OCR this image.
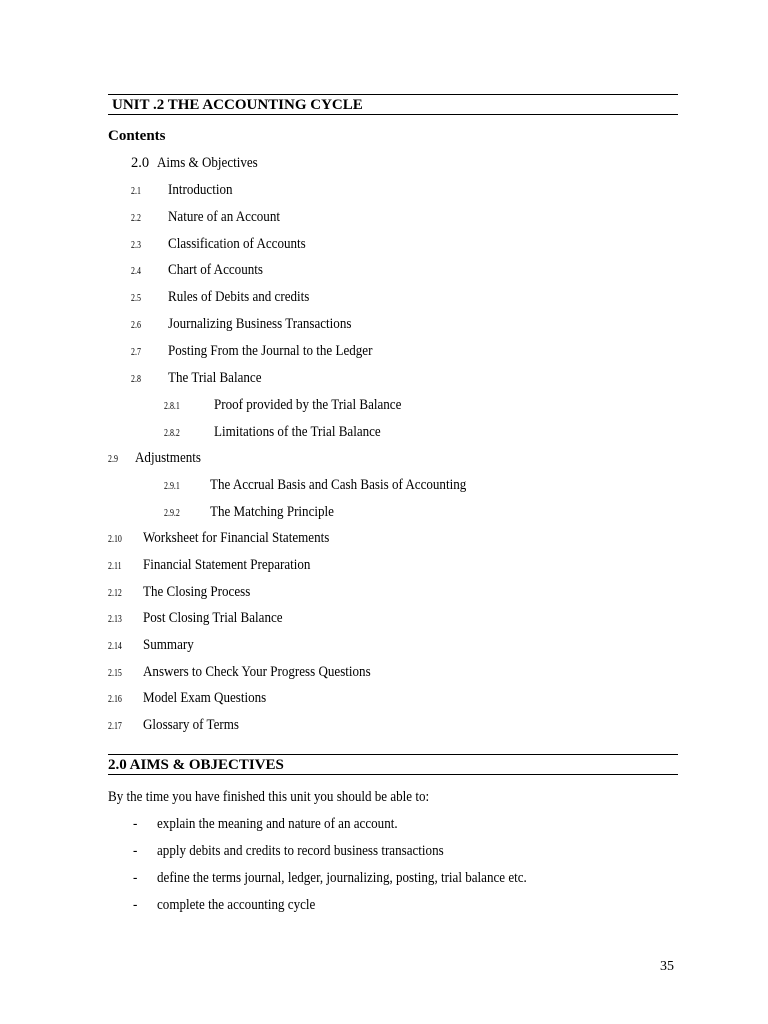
UNIT .2 THE ACCOUNTING CYCLE
Contents
2.0 Aims & Objectives
2.1 Introduction
2.2 Nature of an Account
2.3 Classification of Accounts
2.4 Chart of Accounts
2.5 Rules of Debits and credits
2.6 Journalizing Business Transactions
2.7 Posting From the Journal to the Ledger
2.8 The Trial Balance
2.8.1 Proof provided by the Trial Balance
2.8.2 Limitations of the Trial Balance
2.9 Adjustments
2.9.1 The Accrual Basis and Cash Basis of Accounting
2.9.2 The Matching Principle
2.10 Worksheet for Financial Statements
2.11 Financial Statement Preparation
2.12 The Closing Process
2.13 Post Closing Trial Balance
2.14 Summary
2.15 Answers to Check Your Progress Questions
2.16 Model Exam Questions
2.17 Glossary of Terms
2.0 AIMS & OBJECTIVES
By the time you have finished this unit you should be able to:
- explain the meaning and nature of an account.
- apply debits and credits to record business transactions
- define the terms journal, ledger, journalizing, posting, trial balance etc.
- complete the accounting cycle
35
